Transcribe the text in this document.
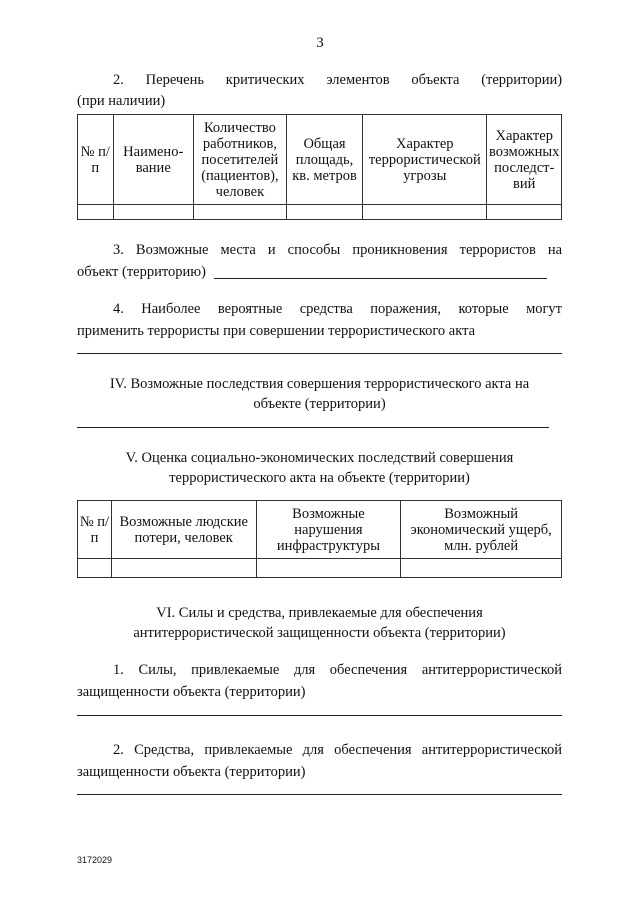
3
2. Перечень критических элементов объекта (территории)
(при наличии)
№ п/п	Наимено-вание	Количество работников, посетителей (пациентов), человек	Общая площадь, кв. метров	Характер террористической угрозы	Характер возможных последст-вий

3. Возможные места и способы проникновения террористов на
объект (территорию)
4. Наиболее вероятные средства поражения, которые могут
применить террористы при совершении террористического акта
IV. Возможные последствия совершения террористического акта на
объекте (территории)
V. Оценка социально-экономических последствий совершения
террористического акта на объекте (территории)
№ п/п	Возможные людские потери, человек	Возможные нарушения инфраструктуры	Возможный экономический ущерб, млн. рублей

VI. Силы и средства, привлекаемые для обеспечения
антитеррористической защищенности объекта (территории)
1. Силы, привлекаемые для обеспечения антитеррористической
защищенности объекта (территории)
2. Средства, привлекаемые для обеспечения антитеррористической
защищенности объекта (территории)
3172029
